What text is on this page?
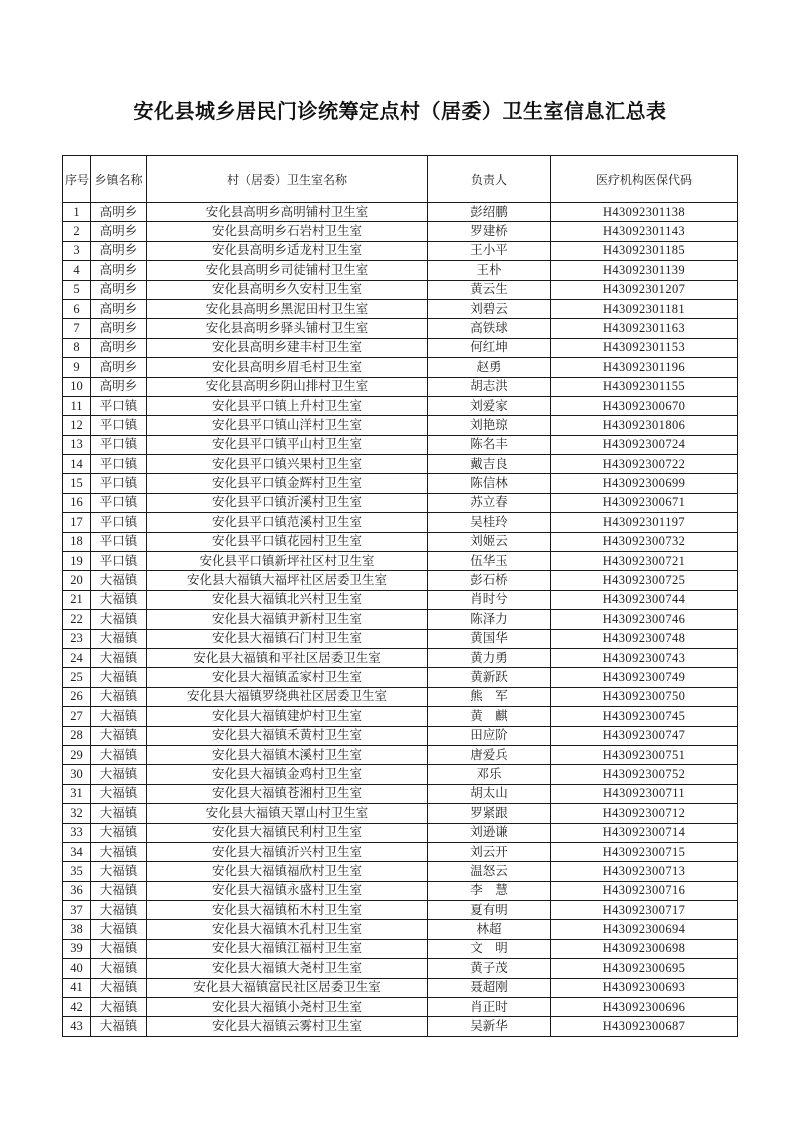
安化县城乡居民门诊统筹定点村（居委）卫生室信息汇总表
序号	乡镇名称	村（居委）卫生室名称	负责人	医疗机构医保代码
1	高明乡	安化县高明乡高明铺村卫生室	彭绍鹏	H43092301138
2	高明乡	安化县高明乡石岩村卫生室	罗建桥	H43092301143
3	高明乡	安化县高明乡适龙村卫生室	王小平	H43092301185
4	高明乡	安化县高明乡司徒铺村卫生室	王朴	H43092301139
5	高明乡	安化县高明乡久安村卫生室	黄云生	H43092301207
6	高明乡	安化县高明乡黑泥田村卫生室	刘碧云	H43092301181
7	高明乡	安化县高明乡驿头铺村卫生室	高铁球	H43092301163
8	高明乡	安化县高明乡建丰村卫生室	何红坤	H43092301153
9	高明乡	安化县高明乡眉毛村卫生室	赵勇	H43092301196
10	高明乡	安化县高明乡阴山排村卫生室	胡志洪	H43092301155
11	平口镇	安化县平口镇上升村卫生室	刘爱家	H43092300670
12	平口镇	安化县平口镇山洋村卫生室	刘艳琼	H43092301806
13	平口镇	安化县平口镇平山村卫生室	陈名丰	H43092300724
14	平口镇	安化县平口镇兴果村卫生室	戴吉良	H43092300722
15	平口镇	安化县平口镇金辉村卫生室	陈信林	H43092300699
16	平口镇	安化县平口镇沂溪村卫生室	苏立春	H43092300671
17	平口镇	安化县平口镇范溪村卫生室	吴桂玲	H43092301197
18	平口镇	安化县平口镇花园村卫生室	刘姬云	H43092300732
19	平口镇	安化县平口镇新坪社区村卫生室	伍华玉	H43092300721
20	大福镇	安化县大福镇大福坪社区居委卫生室	彭石桥	H43092300725
21	大福镇	安化县大福镇北兴村卫生室	肖时兮	H43092300744
22	大福镇	安化县大福镇尹新村卫生室	陈泽力	H43092300746
23	大福镇	安化县大福镇石门村卫生室	黄国华	H43092300748
24	大福镇	安化县大福镇和平社区居委卫生室	黄力勇	H43092300743
25	大福镇	安化县大福镇孟家村卫生室	黄新跃	H43092300749
26	大福镇	安化县大福镇罗绕典社区居委卫生室	熊　军	H43092300750
27	大福镇	安化县大福镇建炉村卫生室	黄　麒	H43092300745
28	大福镇	安化县大福镇禾黄村卫生室	田应阶	H43092300747
29	大福镇	安化县大福镇木溪村卫生室	唐爱兵	H43092300751
30	大福镇	安化县大福镇金鸡村卫生室	邓乐	H43092300752
31	大福镇	安化县大福镇苍湘村卫生室	胡太山	H43092300711
32	大福镇	安化县大福镇天罩山村卫生室	罗紧跟	H43092300712
33	大福镇	安化县大福镇民利村卫生室	刘逊谦	H43092300714
34	大福镇	安化县大福镇沂兴村卫生室	刘云开	H43092300715
35	大福镇	安化县大福镇福欣村卫生室	温怒云	H43092300713
36	大福镇	安化县大福镇永盛村卫生室	李　慧	H43092300716
37	大福镇	安化县大福镇柘木村卫生室	夏有明	H43092300717
38	大福镇	安化县大福镇木孔村卫生室	林超	H43092300694
39	大福镇	安化县大福镇江福村卫生室	文　明	H43092300698
40	大福镇	安化县大福镇大尧村卫生室	黄子茂	H43092300695
41	大福镇	安化县大福镇富民社区居委卫生室	聂超刚	H43092300693
42	大福镇	安化县大福镇小尧村卫生室	肖正时	H43092300696
43	大福镇	安化县大福镇云雾村卫生室	吴新华	H43092300687
